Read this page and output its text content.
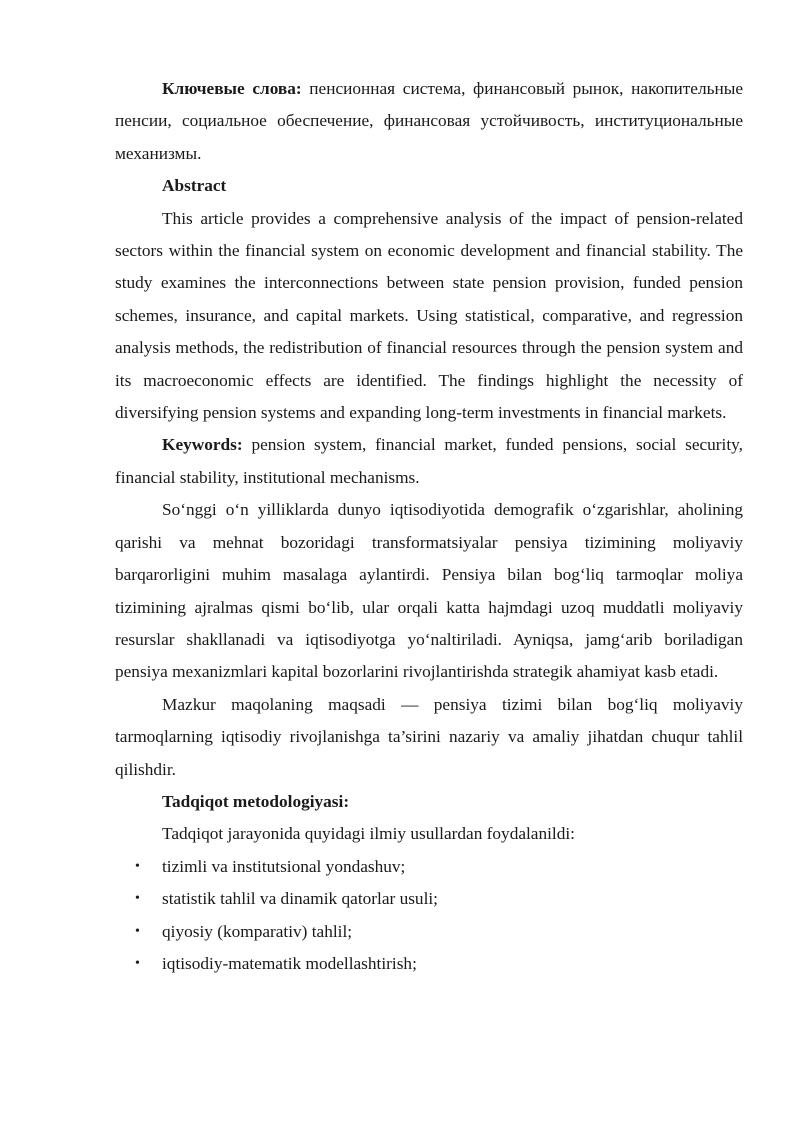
Ключевые слова: пенсионная система, финансовый рынок, накопительные пенсии, социальное обеспечение, финансовая устойчивость, институциональные механизмы.

Abstract

This article provides a comprehensive analysis of the impact of pension-related sectors within the financial system on economic development and financial stability. The study examines the interconnections between state pension provision, funded pension schemes, insurance, and capital markets. Using statistical, comparative, and regression analysis methods, the redistribution of financial resources through the pension system and its macroeconomic effects are identified. The findings highlight the necessity of diversifying pension systems and expanding long-term investments in financial markets.

Keywords: pension system, financial market, funded pensions, social security, financial stability, institutional mechanisms.

So‘nggi o‘n yilliklarda dunyo iqtisodiyotida demografik o‘zgarishlar, aholining qarishi va mehnat bozoridagi transformatsiyalar pensiya tizimining moliyaviy barqarorligini muhim masalaga aylantirdi. Pensiya bilan bog‘liq tarmoqlar moliya tizimining ajralmas qismi bo‘lib, ular orqali katta hajmdagi uzoq muddatli moliyaviy resurslar shakllanadi va iqtisodiyotga yo‘naltiriladi. Ayniqsa, jamg‘arib boriladigan pensiya mexanizmlari kapital bozorlarini rivojlantirishda strategik ahamiyat kasb etadi.

Mazkur maqolaning maqsadi — pensiya tizimi bilan bog‘liq moliyaviy tarmoqlarning iqtisodiy rivojlanishga ta’sirini nazariy va amaliy jihatdan chuqur tahlil qilishdir.

Tadqiqot metodologiyasi:

Tadqiqot jarayonida quyidagi ilmiy usullardan foydalanildi:

• tizimli va institutsional yondashuv;
• statistik tahlil va dinamik qatorlar usuli;
• qiyosiy (komparativ) tahlil;
• iqtisodiy-matematik modellashtirish;
